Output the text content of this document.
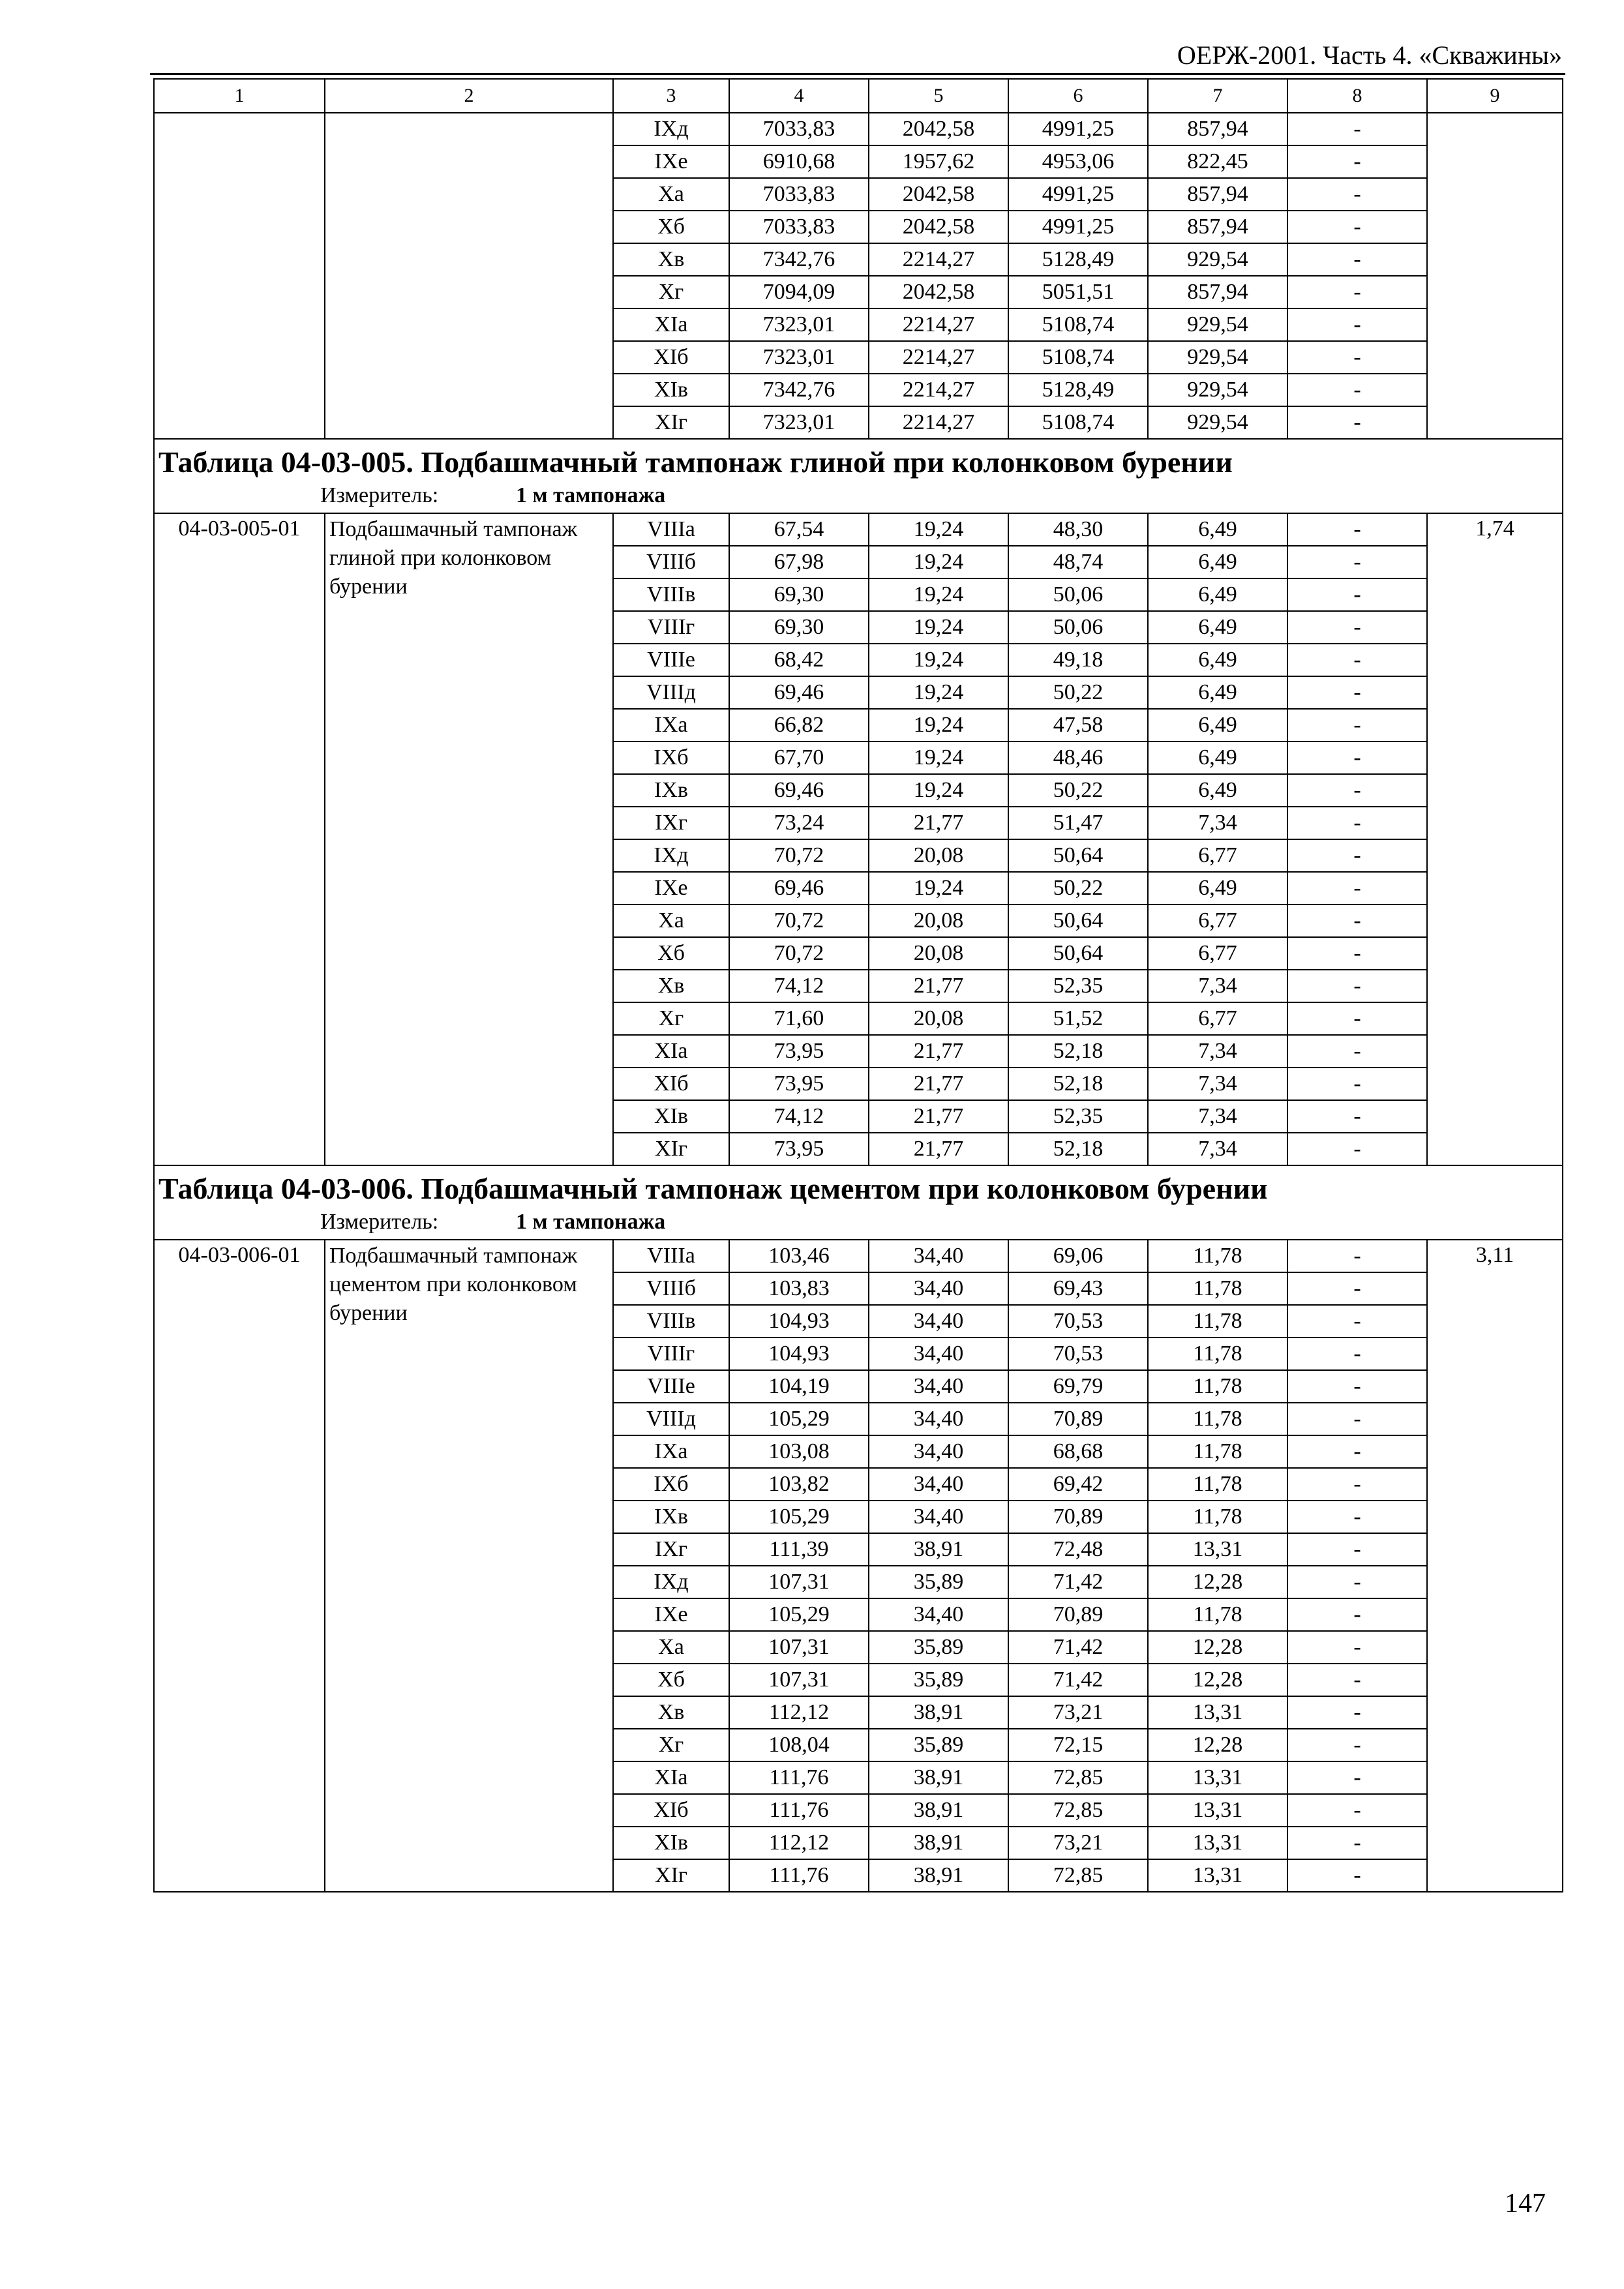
ОЕРЖ-2001. Часть 4. «Скважины»
1	2	3	4	5	6	7	8	9
		IXд	7033,83	2042,58	4991,25	857,94	-	
		IXе	6910,68	1957,62	4953,06	822,45	-	
		Xа	7033,83	2042,58	4991,25	857,94	-	
		Xб	7033,83	2042,58	4991,25	857,94	-	
		Xв	7342,76	2214,27	5128,49	929,54	-	
		Xг	7094,09	2042,58	5051,51	857,94	-	
		XIа	7323,01	2214,27	5108,74	929,54	-	
		XIб	7323,01	2214,27	5108,74	929,54	-	
		XIв	7342,76	2214,27	5128,49	929,54	-	
		XIг	7323,01	2214,27	5108,74	929,54	-	

Таблица 04-03-005. Подбашмачный тампонаж глиной при колонковом бурении
Измеритель: 1 м тампонажа								

04-03-005-01	Подбашмачный тампонаж глиной при колонковом бурении	VIIIа	67,54	19,24	48,30	6,49	-	1,74
		VIIIб	67,98	19,24	48,74	6,49	-	
		VIIIв	69,30	19,24	50,06	6,49	-	
		VIIIг	69,30	19,24	50,06	6,49	-	
		VIIIе	68,42	19,24	49,18	6,49	-	
		VIIIд	69,46	19,24	50,22	6,49	-	
		IXа	66,82	19,24	47,58	6,49	-	
		IXб	67,70	19,24	48,46	6,49	-	
		IXв	69,46	19,24	50,22	6,49	-	
		IXг	73,24	21,77	51,47	7,34	-	
		IXд	70,72	20,08	50,64	6,77	-	
		IXе	69,46	19,24	50,22	6,49	-	
		Xа	70,72	20,08	50,64	6,77	-	
		Xб	70,72	20,08	50,64	6,77	-	
		Xв	74,12	21,77	52,35	7,34	-	
		Xг	71,60	20,08	51,52	6,77	-	
		XIа	73,95	21,77	52,18	7,34	-	
		XIб	73,95	21,77	52,18	7,34	-	
		XIв	74,12	21,77	52,35	7,34	-	
		XIг	73,95	21,77	52,18	7,34	-	

Таблица 04-03-006. Подбашмачный тампонаж цементом при колонковом бурении
Измеритель: 1 м тампонажа								

04-03-006-01	Подбашмачный тампонаж цементом при колонковом бурении	VIIIа	103,46	34,40	69,06	11,78	-	3,11
		VIIIб	103,83	34,40	69,43	11,78	-	
		VIIIв	104,93	34,40	70,53	11,78	-	
		VIIIг	104,93	34,40	70,53	11,78	-	
		VIIIе	104,19	34,40	69,79	11,78	-	
		VIIIд	105,29	34,40	70,89	11,78	-	
		IXа	103,08	34,40	68,68	11,78	-	
		IXб	103,82	34,40	69,42	11,78	-	
		IXв	105,29	34,40	70,89	11,78	-	
		IXг	111,39	38,91	72,48	13,31	-	
		IXд	107,31	35,89	71,42	12,28	-	
		IXе	105,29	34,40	70,89	11,78	-	
		Xа	107,31	35,89	71,42	12,28	-	
		Xб	107,31	35,89	71,42	12,28	-	
		Xв	112,12	38,91	73,21	13,31	-	
		Xг	108,04	35,89	72,15	12,28	-	
		XIа	111,76	38,91	72,85	13,31	-	
		XIб	111,76	38,91	72,85	13,31	-	
		XIв	112,12	38,91	73,21	13,31	-	
		XIг	111,76	38,91	72,85	13,31	-	
147
